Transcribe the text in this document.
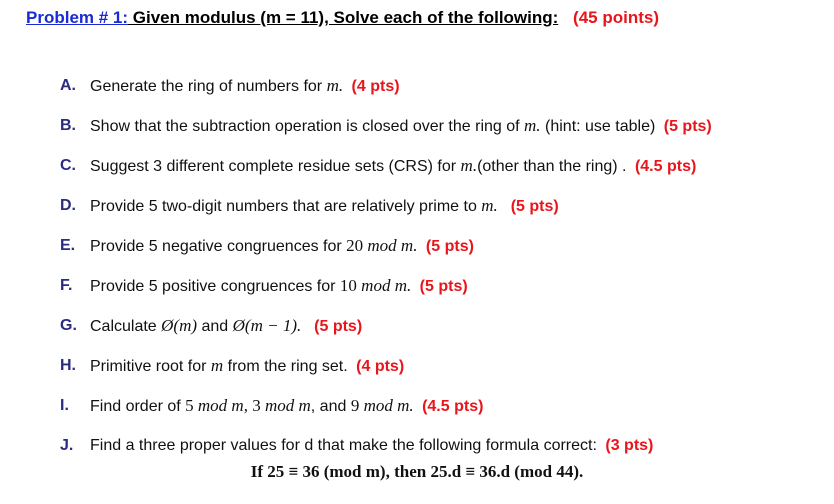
Problem # 1: Given modulus (m = 11), Solve each of the following: (45 points)
A. Generate the ring of numbers for m. (4 pts)
B. Show that the subtraction operation is closed over the ring of m. (hint: use table) (5 pts)
C. Suggest 3 different complete residue sets (CRS) for m.(other than the ring) . (4.5 pts)
D. Provide 5 two-digit numbers that are relatively prime to m.  (5 pts)
E. Provide 5 negative congruences for 20 mod m. (5 pts)
F.	Provide 5 positive congruences for 10 mod m. (5 pts)
G. Calculate Ø(m) and Ø(m − 1).  (5 pts)
H. Primitive root for m from the ring set. (4 pts)
I.	Find order of 5 mod m, 3 mod m, and 9 mod m. (4.5 pts)
J.	Find a three proper values for d that make the following formula correct: (3 pts)
If 25 ≡ 36 (mod m), then 25.d ≡ 36.d (mod 44).
